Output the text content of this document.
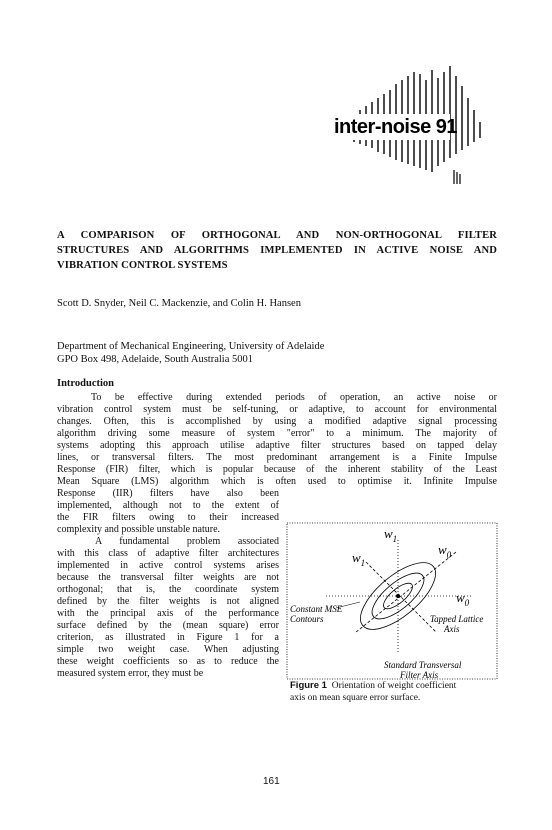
inter-noise 91
A COMPARISON OF ORTHOGONAL AND NON-ORTHOGONAL FILTER
STRUCTURES AND ALGORITHMS IMPLEMENTED IN ACTIVE NOISE AND
VIBRATION CONTROL SYSTEMS
Scott D. Snyder, Neil C. Mackenzie, and Colin H. Hansen
Department of Mechanical Engineering, University of Adelaide
GPO Box 498, Adelaide, South Australia 5001
Introduction
To be effective during extended periods of operation, an active noise or
vibration control system must be self-tuning, or adaptive, to account for environmental
changes. Often, this is accomplished by using a modified adaptive signal processing
algorithm driving some measure of system "error" to a minimum. The majority of
systems adopting this approach utilise adaptive filter structures based on tapped delay
lines, or transversal filters. The most predominant arrangement is a Finite Impulse
Response (FIR) filter, which is popular because of the inherent stability of the Least
Mean Square (LMS) algorithm which is often used to optimise it. Infinite Impulse
Response (IIR) filters have also been
implemented, although not to the extent of
the FIR filters owing to their increased
complexity and possible unstable nature.
A fundamental problem associated
with this class of adaptive filter architectures
implemented in active control systems arises
because the transversal filter weights are not
orthogonal; that is, the coordinate system
defined by the filter weights is not aligned
with the principal axis of the performance
surface defined by the (mean square) error
criterion, as illustrated in Figure 1 for a
simple two weight case. When adjusting
these weight coefficients so as to reduce the
measured system error, they must be
$w_1$
$w_1$
$w_0$
$w_0$
Constant MSE
Contours	Tapped Lattice
Axis
Standard Transversal
Filter Axis
Figure 1 Orientation of weight coefficient
axis on mean square error surface.
161
